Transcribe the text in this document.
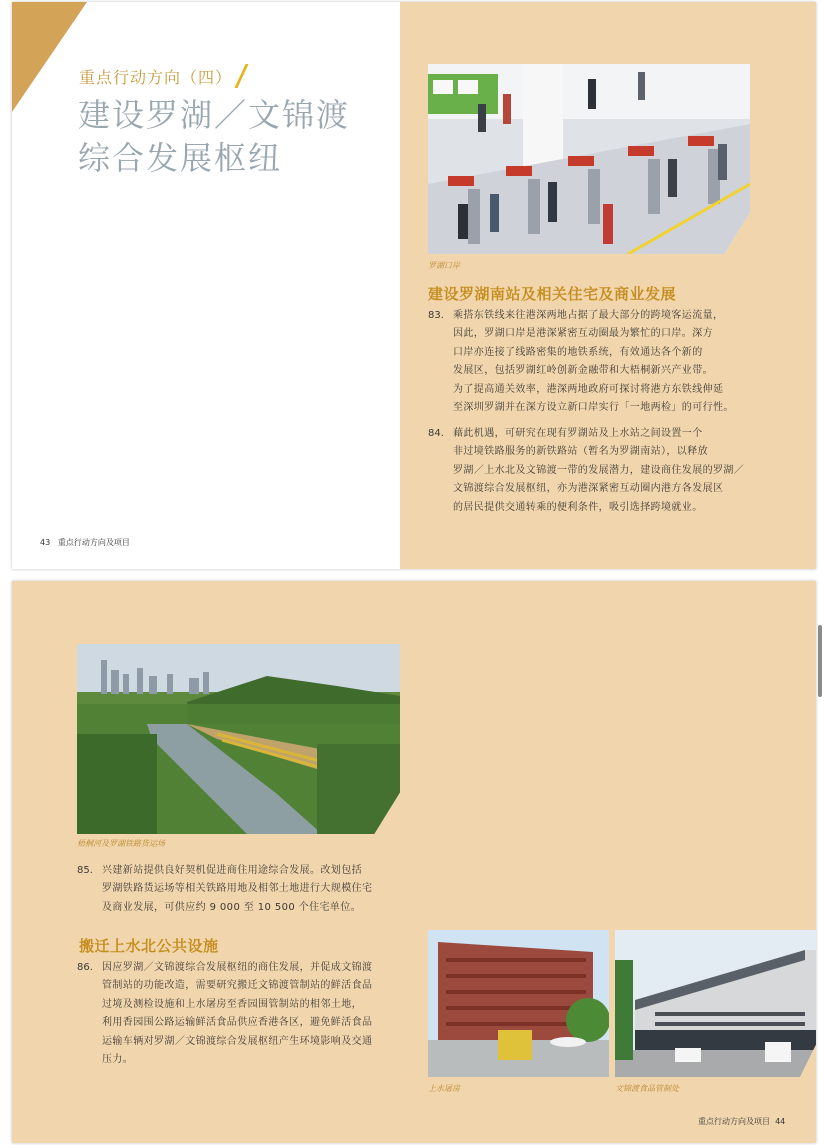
重点行动方向（四）
建设罗湖／文锦渡
综合发展枢纽
43 重点行动方向及项目
罗湖口岸
建设罗湖南站及相关住宅及商业发展
83. 乘搭东铁线来往港深两地占据了最大部分的跨境客运流量，
因此，罗湖口岸是港深紧密互动圈最为繁忙的口岸。深方
口岸亦连接了线路密集的地铁系统，有效通达各个新的
发展区，包括罗湖红岭创新金融带和大梧桐新兴产业带。
为了提高通关效率，港深两地政府可探讨将港方东铁线伸延
至深圳罗湖并在深方设立新口岸实行「一地两检」的可行性。
84. 藉此机遇，可研究在现有罗湖站及上水站之间设置一个
非过境铁路服务的新铁路站（暂名为罗湖南站），以释放
罗湖／上水北及文锦渡一带的发展潜力，建设商住发展的罗湖／
文锦渡综合发展枢纽，亦为港深紧密互动圈内港方各发展区
的居民提供交通转乘的便利条件，吸引选择跨境就业。
梧桐河及罗湖铁路货运场
85. 兴建新站提供良好契机促进商住用途综合发展。改划包括
罗湖铁路货运场等相关铁路用地及相邻土地进行大规模住宅
及商业发展，可供应约 9 000 至 10 500 个住宅单位。
搬迁上水北公共设施
86. 因应罗湖／文锦渡综合发展枢纽的商住发展，并促成文锦渡
管制站的功能改造，需要研究搬迁文锦渡管制站的鲜活食品
过境及测检设施和上水屠房至香园围管制站的相邻土地，
利用香园围公路运输鲜活食品供应香港各区，避免鲜活食品
运输车辆对罗湖／文锦渡综合发展枢纽产生环境影响及交通
压力。
上水屠房	文锦渡食品管制处
重点行动方向及项目 44
